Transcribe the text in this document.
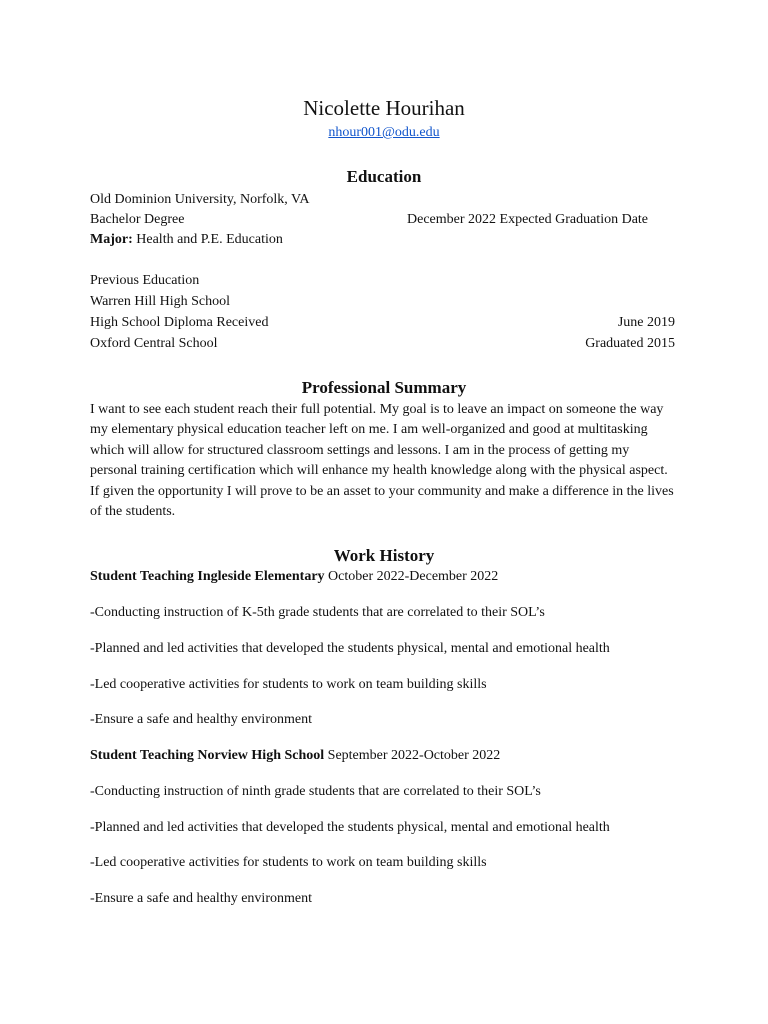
Nicolette Hourihan
nhour001@odu.edu
Education
Old Dominion University, Norfolk, VA
Bachelor Degree	December 2022 Expected Graduation Date
Major: Health and P.E. Education
Previous Education
Warren Hill High School
High School Diploma Received	June 2019
Oxford Central School	Graduated 2015
Professional Summary
I want to see each student reach their full potential. My goal is to leave an impact on someone the way my elementary physical education teacher left on me. I am well-organized and good at multitasking which will allow for structured classroom settings and lessons. I am in the process of getting my personal training certification which will enhance my health knowledge along with the physical aspect. If given the opportunity I will prove to be an asset to your community and make a difference in the lives of the students.
Work History
Student Teaching Ingleside Elementary October 2022-December 2022
-Conducting instruction of K-5th grade students that are correlated to their SOL’s
-Planned and led activities that developed the students physical, mental and emotional health
-Led cooperative activities for students to work on team building skills
-Ensure a safe and healthy environment
Student Teaching Norview High School September 2022-October 2022
-Conducting instruction of ninth grade students that are correlated to their SOL’s
-Planned and led activities that developed the students physical, mental and emotional health
-Led cooperative activities for students to work on team building skills
-Ensure a safe and healthy environment
